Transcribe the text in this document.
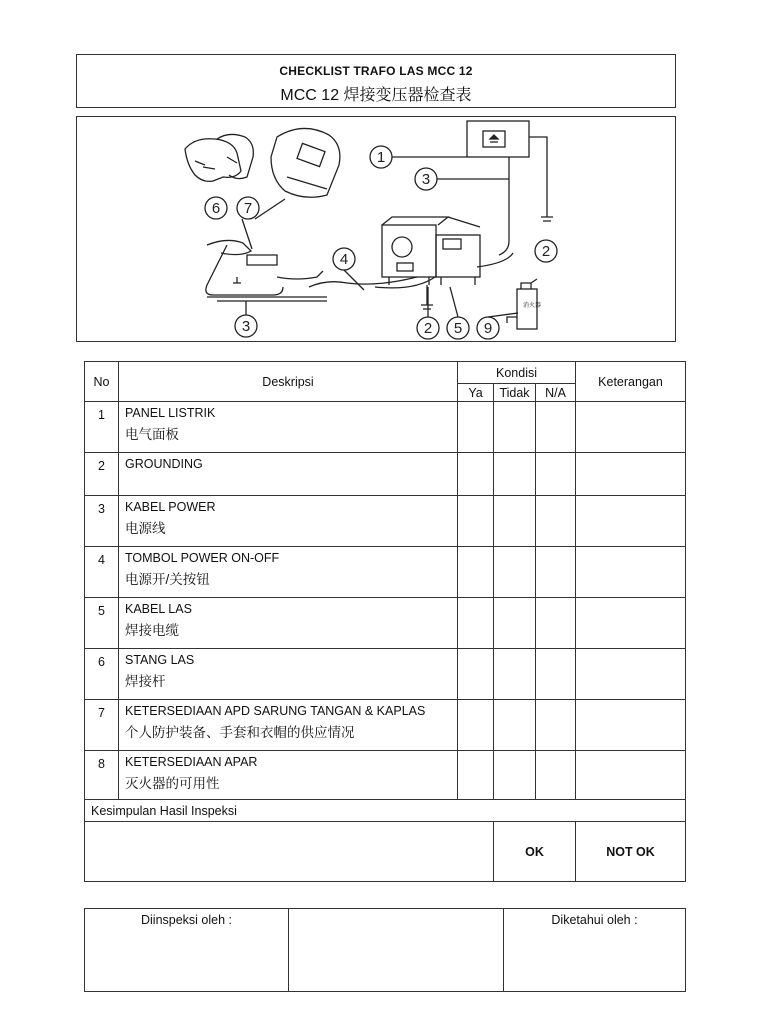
CHECKLIST TRAFO LAS MCC 12
MCC 12 焊接变压器检查表
消火器
1
3
2
6 7
4
3	2 5 9
No	Deskripsi	Kondisi			Keterangan
		Ya	Tidak	N/A	
1	PANEL LISTRIK
电气面板				

2	GROUNDING				

3	KABEL POWER
电源线				

4	TOMBOL POWER ON-OFF
电源开/关按钮				

5	KABEL LAS
焊接电缆				

6	STANG LAS
焊接杆				

7	KETERSEDIAAN APD SARUNG TANGAN & KAPLAS
个人防护装备、手套和衣帽的供应情况				

8	KETERSEDIAAN APAR
灭火器的可用性				

Kesimpulan Hasil Inspeksi					
			OK		NOT OK
Diinspeksi oleh :		Diketahui oleh :
